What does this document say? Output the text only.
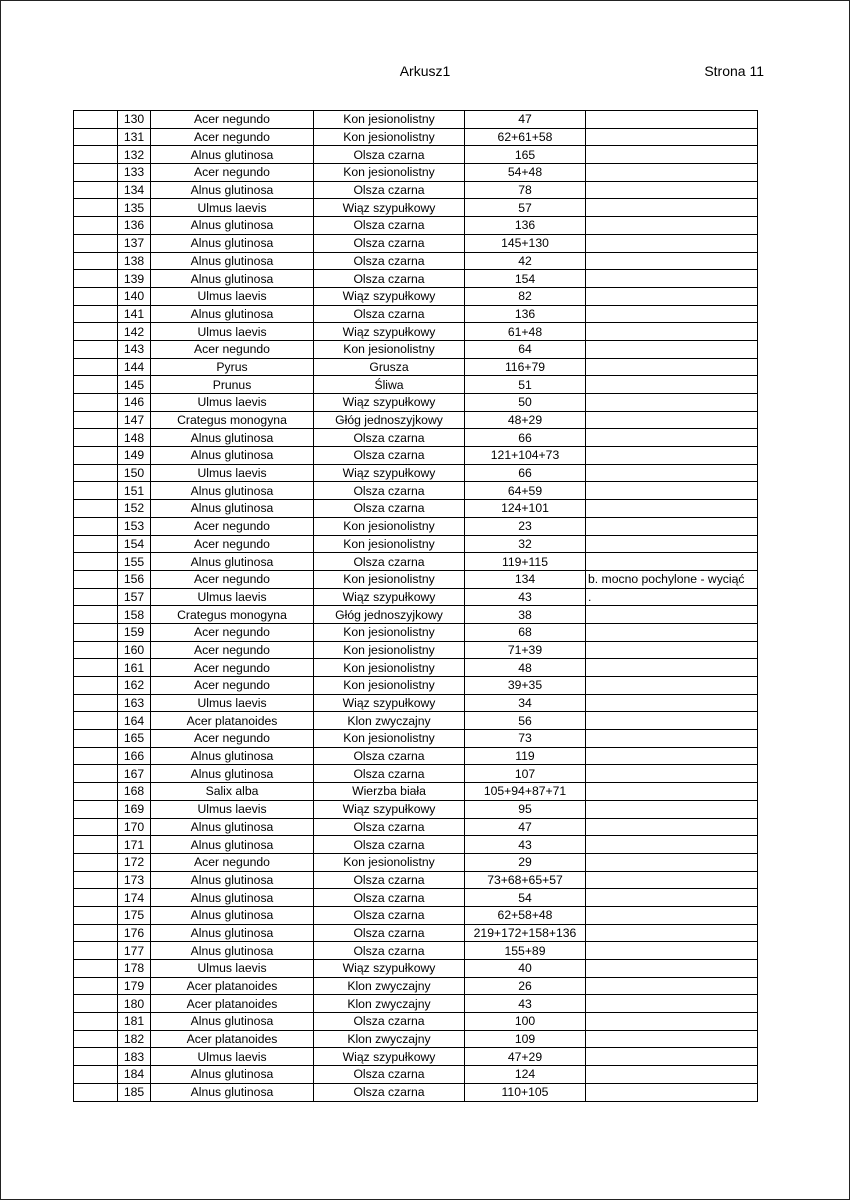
Arkusz1	Strona 11
	130	Acer negundo	Kon jesionolistny	47	
	131	Acer negundo	Kon jesionolistny	62+61+58	
	132	Alnus glutinosa	Olsza czarna	165	
	133	Acer negundo	Kon jesionolistny	54+48	
	134	Alnus glutinosa	Olsza czarna	78	
	135	Ulmus laevis	Wiąz szypułkowy	57	
	136	Alnus glutinosa	Olsza czarna	136	
	137	Alnus glutinosa	Olsza czarna	145+130	
	138	Alnus glutinosa	Olsza czarna	42	
	139	Alnus glutinosa	Olsza czarna	154	
	140	Ulmus laevis	Wiąz szypułkowy	82	
	141	Alnus glutinosa	Olsza czarna	136	
	142	Ulmus laevis	Wiąz szypułkowy	61+48	
	143	Acer negundo	Kon jesionolistny	64	
	144	Pyrus	Grusza	116+79	
	145	Prunus	Śliwa	51	
	146	Ulmus laevis	Wiąz szypułkowy	50	
	147	Crategus monogyna	Głóg jednoszyjkowy	48+29	
	148	Alnus glutinosa	Olsza czarna	66	
	149	Alnus glutinosa	Olsza czarna	121+104+73	
	150	Ulmus laevis	Wiąz szypułkowy	66	
	151	Alnus glutinosa	Olsza czarna	64+59	
	152	Alnus glutinosa	Olsza czarna	124+101	
	153	Acer negundo	Kon jesionolistny	23	
	154	Acer negundo	Kon jesionolistny	32	
	155	Alnus glutinosa	Olsza czarna	119+115	
	156	Acer negundo	Kon jesionolistny	134	b. mocno pochylone - wyciąć
	157	Ulmus laevis	Wiąz szypułkowy	43	.
	158	Crategus monogyna	Głóg jednoszyjkowy	38	
	159	Acer negundo	Kon jesionolistny	68	
	160	Acer negundo	Kon jesionolistny	71+39	
	161	Acer negundo	Kon jesionolistny	48	
	162	Acer negundo	Kon jesionolistny	39+35	
	163	Ulmus laevis	Wiąz szypułkowy	34	
	164	Acer platanoides	Klon zwyczajny	56	
	165	Acer negundo	Kon jesionolistny	73	
	166	Alnus glutinosa	Olsza czarna	119	
	167	Alnus glutinosa	Olsza czarna	107	
	168	Salix alba	Wierzba biała	105+94+87+71	
	169	Ulmus laevis	Wiąz szypułkowy	95	
	170	Alnus glutinosa	Olsza czarna	47	
	171	Alnus glutinosa	Olsza czarna	43	
	172	Acer negundo	Kon jesionolistny	29	
	173	Alnus glutinosa	Olsza czarna	73+68+65+57	
	174	Alnus glutinosa	Olsza czarna	54	
	175	Alnus glutinosa	Olsza czarna	62+58+48	
	176	Alnus glutinosa	Olsza czarna	219+172+158+136	
	177	Alnus glutinosa	Olsza czarna	155+89	
	178	Ulmus laevis	Wiąz szypułkowy	40	
	179	Acer platanoides	Klon zwyczajny	26	
	180	Acer platanoides	Klon zwyczajny	43	
	181	Alnus glutinosa	Olsza czarna	100	
	182	Acer platanoides	Klon zwyczajny	109	
	183	Ulmus laevis	Wiąz szypułkowy	47+29	
	184	Alnus glutinosa	Olsza czarna	124	
	185	Alnus glutinosa	Olsza czarna	110+105	
